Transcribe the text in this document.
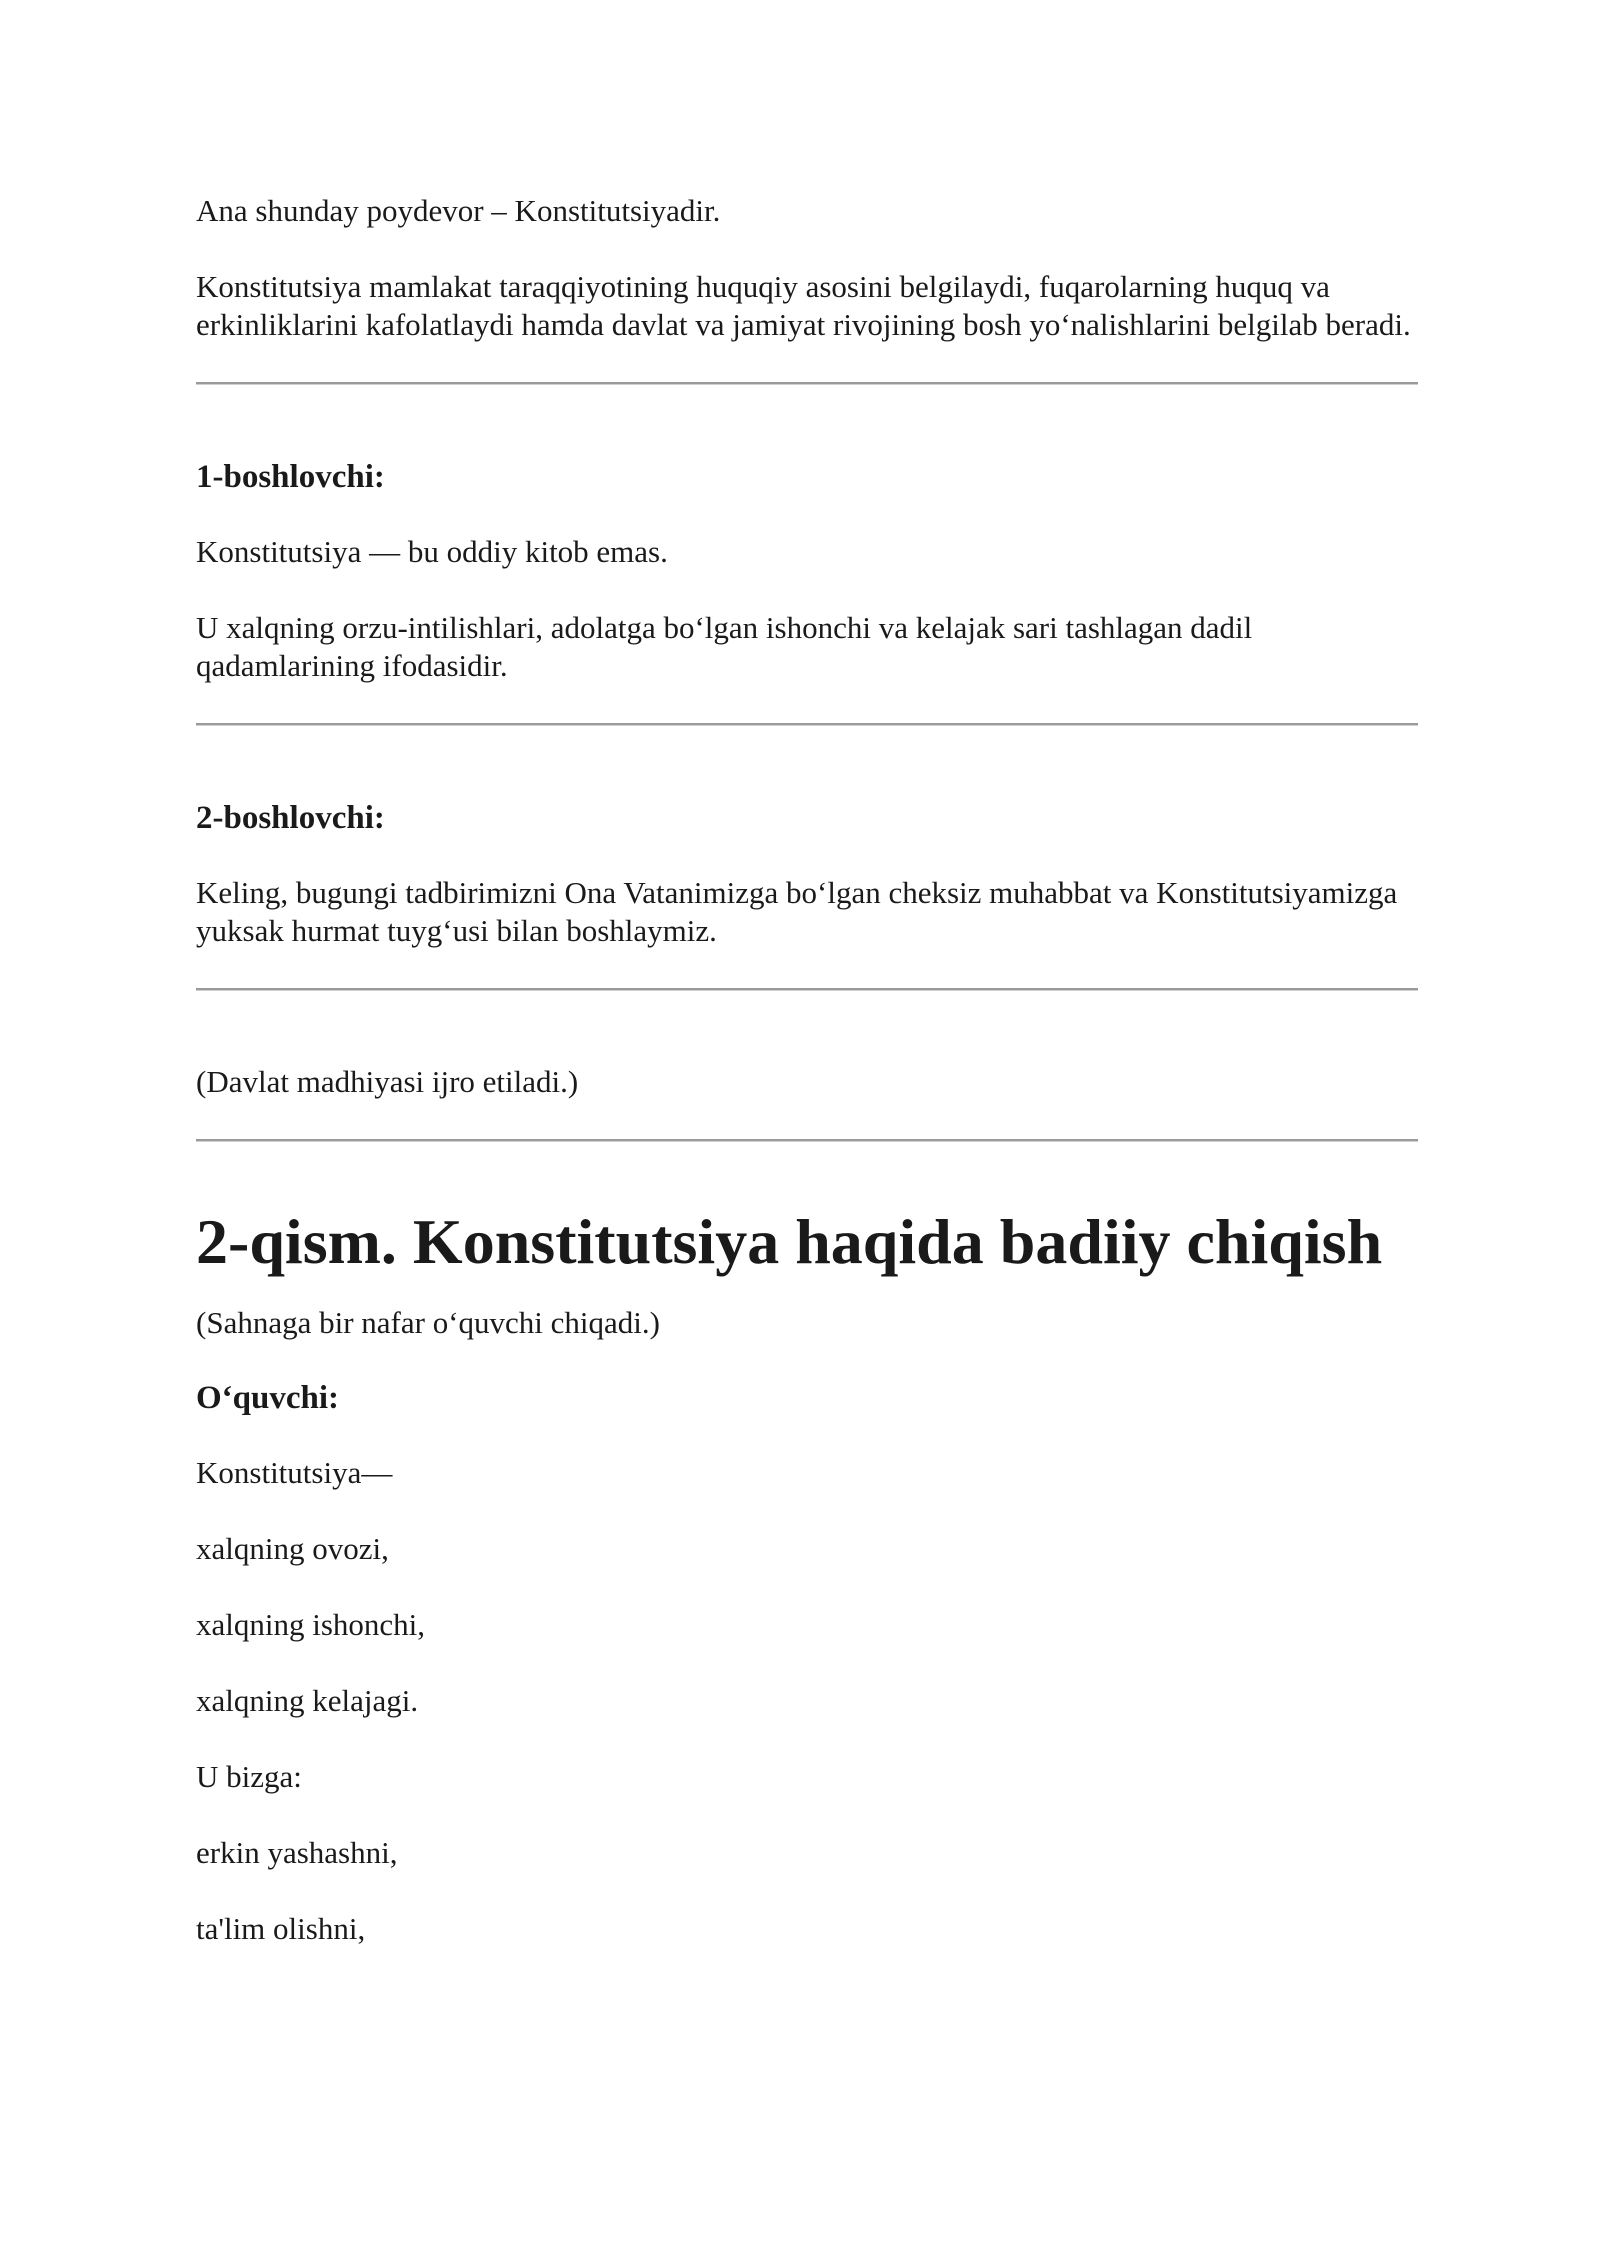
Ana shunday poydevor – Konstitutsiyadir.

Konstitutsiya mamlakat taraqqiyotining huquqiy asosini belgilaydi, fuqarolarning huquq va erkinliklarini kafolatlaydi hamda davlat va jamiyat rivojining bosh yo‘nalishlarini belgilab beradi.

1-boshlovchi:

Konstitutsiya — bu oddiy kitob emas.

U xalqning orzu-intilishlari, adolatga bo‘lgan ishonchi va kelajak sari tashlagan dadil qadamlarining ifodasidir.

2-boshlovchi:

Keling, bugungi tadbirimizni Ona Vatanimizga bo‘lgan cheksiz muhabbat va Konstitutsiyamizga yuksak hurmat tuyg‘usi bilan boshlaymiz.

(Davlat madhiyasi ijro etiladi.)

2-qism. Konstitutsiya haqida badiiy chiqish

(Sahnaga bir nafar o‘quvchi chiqadi.)

O‘quvchi:

Konstitutsiya—

xalqning ovozi,

xalqning ishonchi,

xalqning kelajagi.

U bizga:

erkin yashashni,

ta'lim olishni,
